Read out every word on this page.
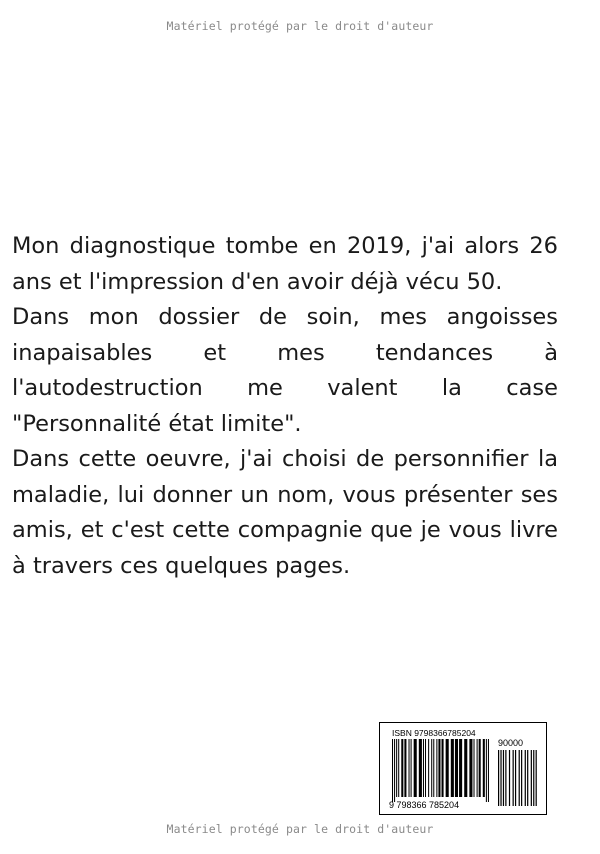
Matériel protégé par le droit d'auteur

Mon diagnostique tombe en 2019, j'ai alors 26 ans et l'impression d'en avoir déjà vécu 50.

Dans mon dossier de soin, mes angoisses inapaisables et mes tendances à l'autodestruction me valent la case "Personnalité état limite".

Dans cette oeuvre, j'ai choisi de personnifier la maladie, lui donner un nom, vous présenter ses amis, et c'est cette compagnie que je vous livre à travers ces quelques pages.

ISBN 9798366785204
90000
9 798366 785204
Matériel protégé par le droit d'auteur
